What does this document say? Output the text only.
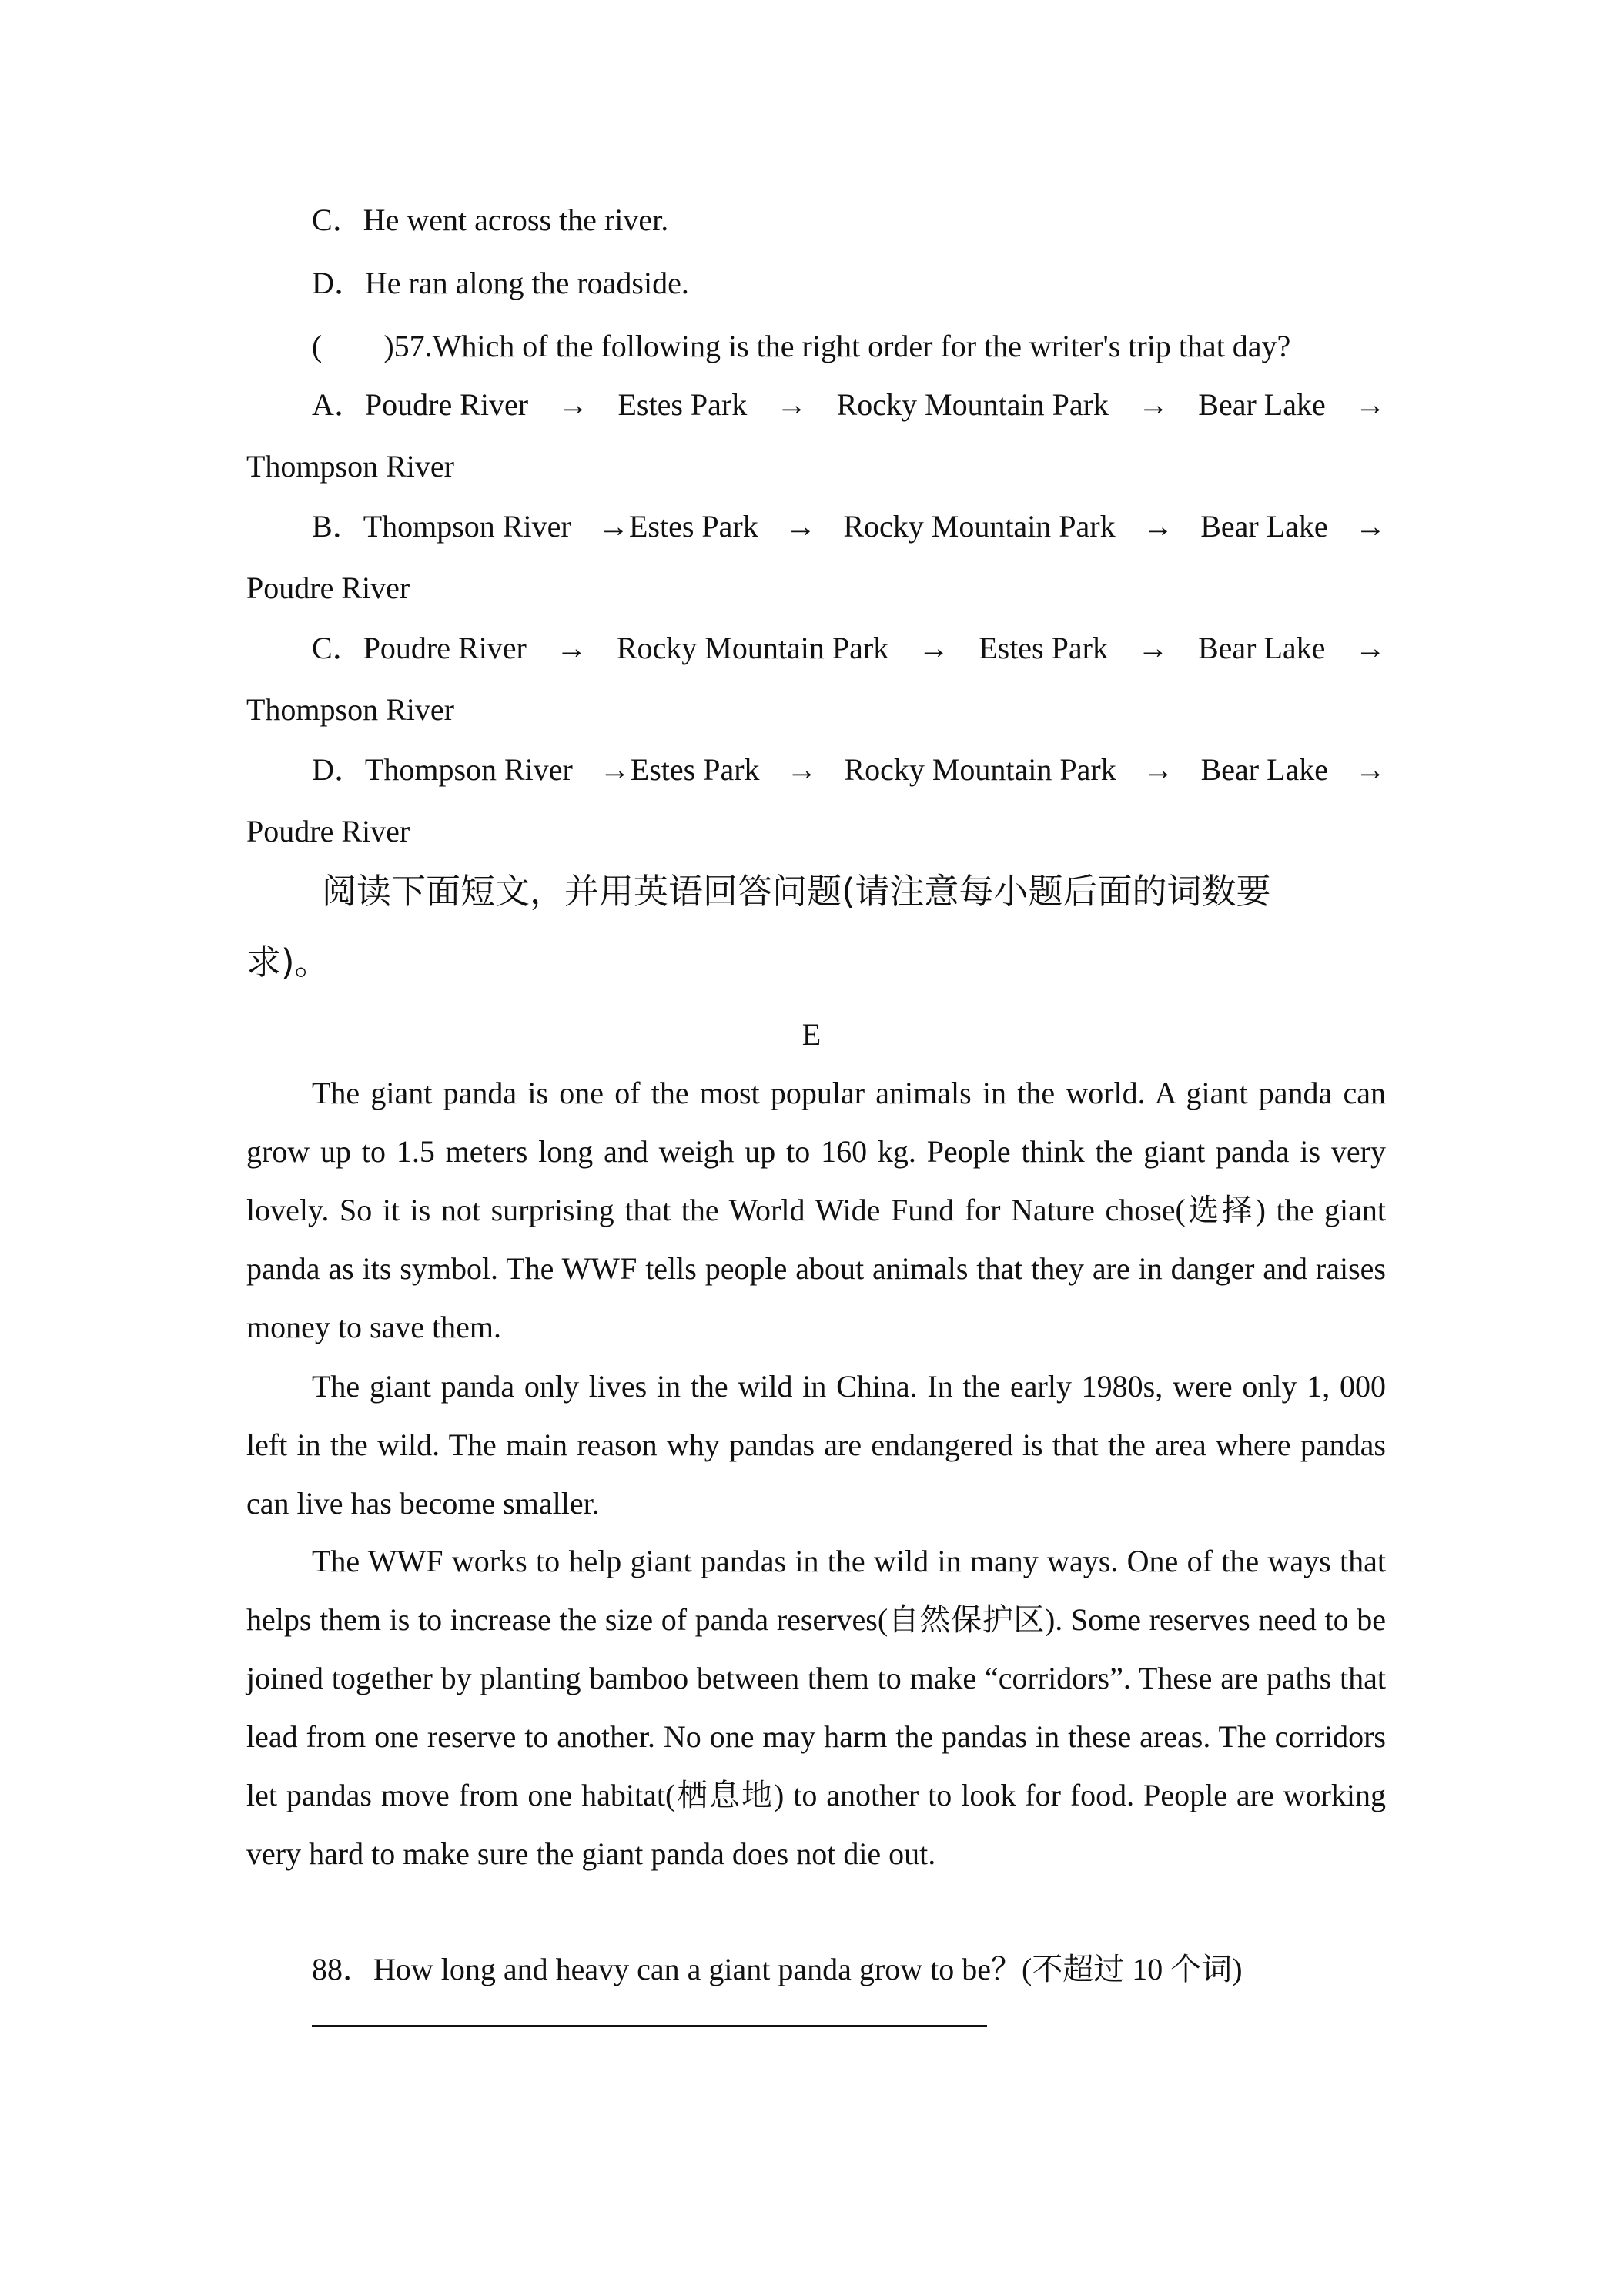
C．He went across the river.
D．He ran along the roadside.
(　　)57.Which of the following is the right order for the writer's trip that day?
A．Poudre River → Estes Park → Rocky Mountain Park → Bear Lake →
Thompson River
B．Thompson River →Estes Park → Rocky Mountain Park → Bear Lake →
Poudre River
C．Poudre River → Rocky Mountain Park → Estes Park → Bear Lake →
Thompson River
D．Thompson River →Estes Park → Rocky Mountain Park → Bear Lake →
Poudre River
阅读下面短文，并用英语回答问题(请注意每小题后面的词数要
求)。
E

The giant panda is one of the most popular animals in the world. A giant panda can grow up to 1.5 meters long and weigh up to 160 kg. People think the giant panda is very lovely. So it is not surprising that the World Wide Fund for Nature chose(选择) the giant panda as its symbol. The WWF tells people about animals that they are in danger and raises money to save them.

The giant panda only lives in the wild in China. In the early 1980s, were only 1, 000 left in the wild. The main reason why pandas are endangered is that the area where pandas can live has become smaller.

The WWF works to help giant pandas in the wild in many ways. One of the ways that helps them is to increase the size of panda reserves(自然保护区). Some reserves need to be joined together by planting bamboo between them to make “corridors”. These are paths that lead from one reserve to another. No one may harm the pandas in these areas. The corridors let pandas move from one habitat(栖息地) to another to look for food. People are working very hard to make sure the giant panda does not die out.

88．How long and heavy can a giant panda grow to be？(不超过 10 个词)
